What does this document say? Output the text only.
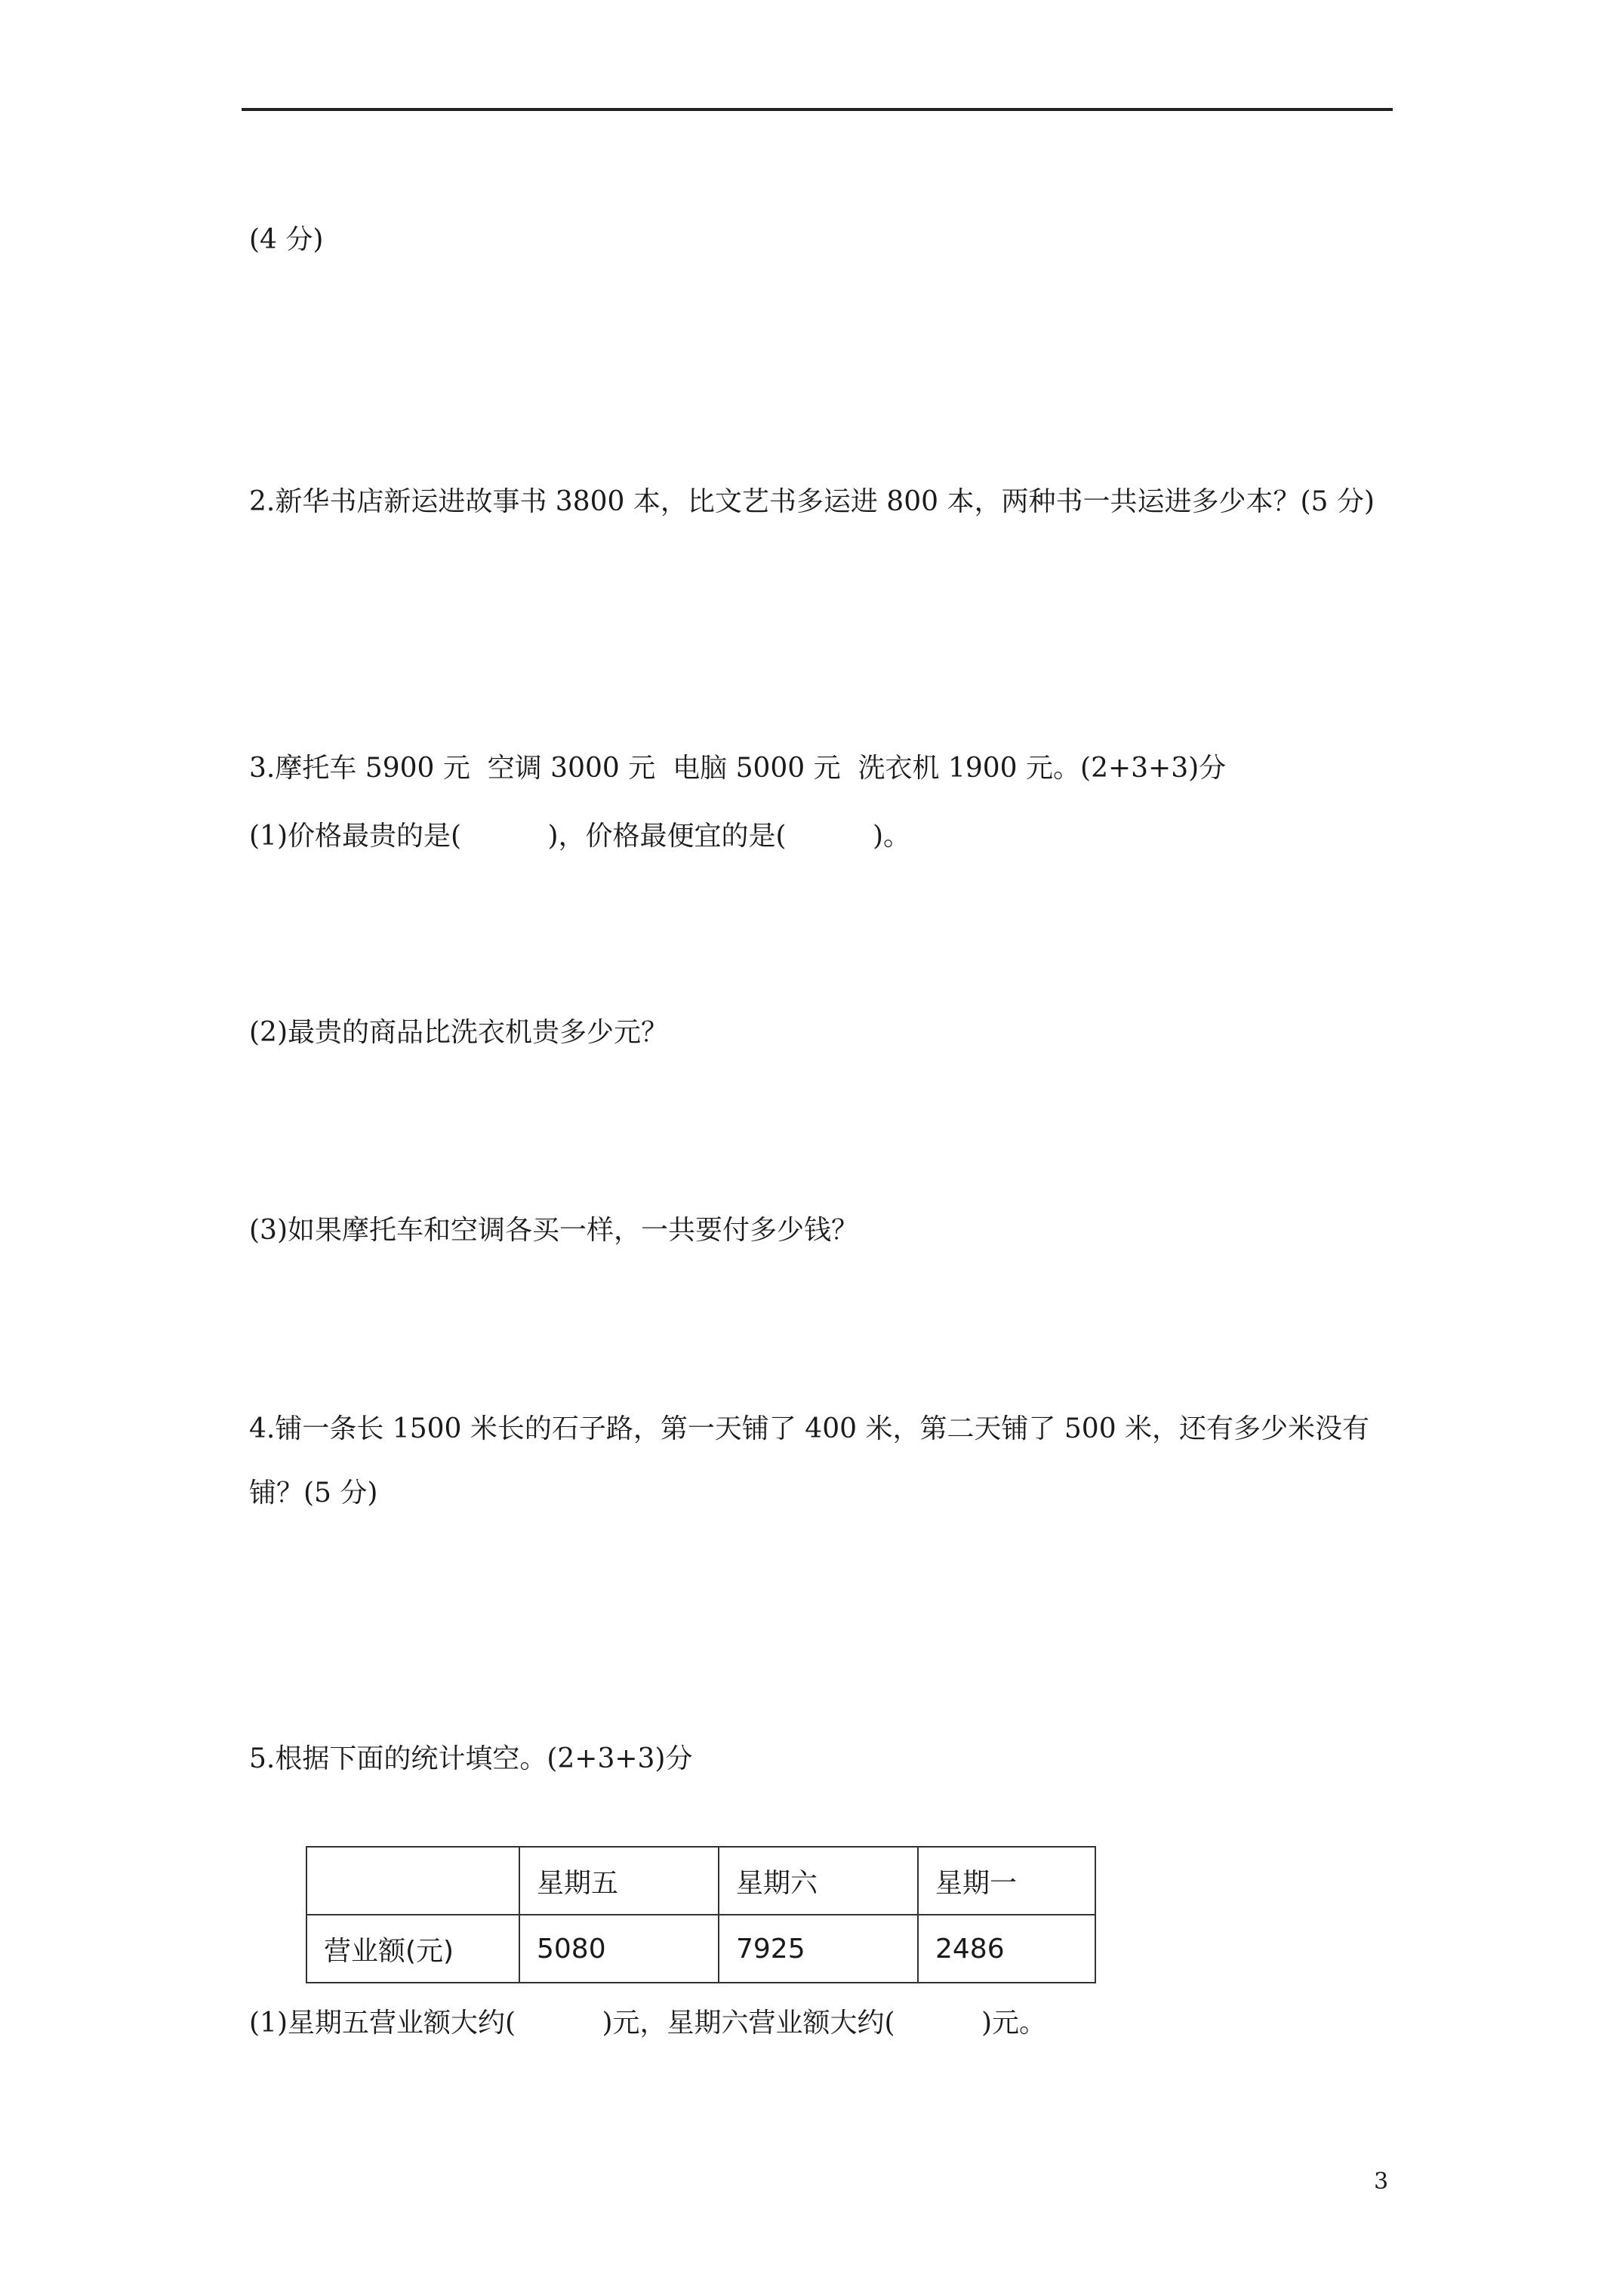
(4 分)
2.新华书店新运进故事书 3800 本，比文艺书多运进 800 本，两种书一共运进多少本？(5 分)
3.摩托车 5900 元  空调 3000 元  电脑 5000 元  洗衣机 1900 元。(2+3+3)分
(1)价格最贵的是(          )，价格最便宜的是(          )。
(2)最贵的商品比洗衣机贵多少元？
(3)如果摩托车和空调各买一样，一共要付多少钱？
4.铺一条长 1500 米长的石子路，第一天铺了 400 米，第二天铺了 500 米，还有多少米没有
铺？(5 分)
5.根据下面的统计填空。(2+3+3)分
	星期五	星期六	星期一
营业额(元)	5080	7925	2486
(1)星期五营业额大约(          )元，星期六营业额大约(          )元。
3
